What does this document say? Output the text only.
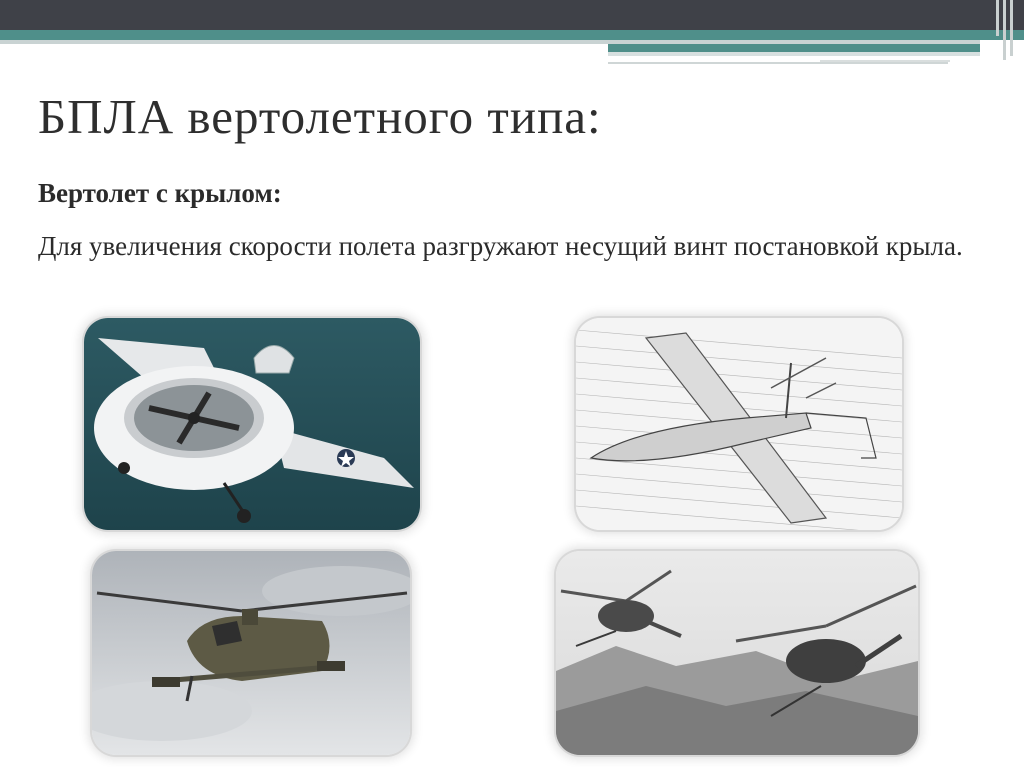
БПЛА вертолетного типа:
Вертолет с крылом:

Для увеличения скорости полета разгружают несущий винт постановкой крыла.
